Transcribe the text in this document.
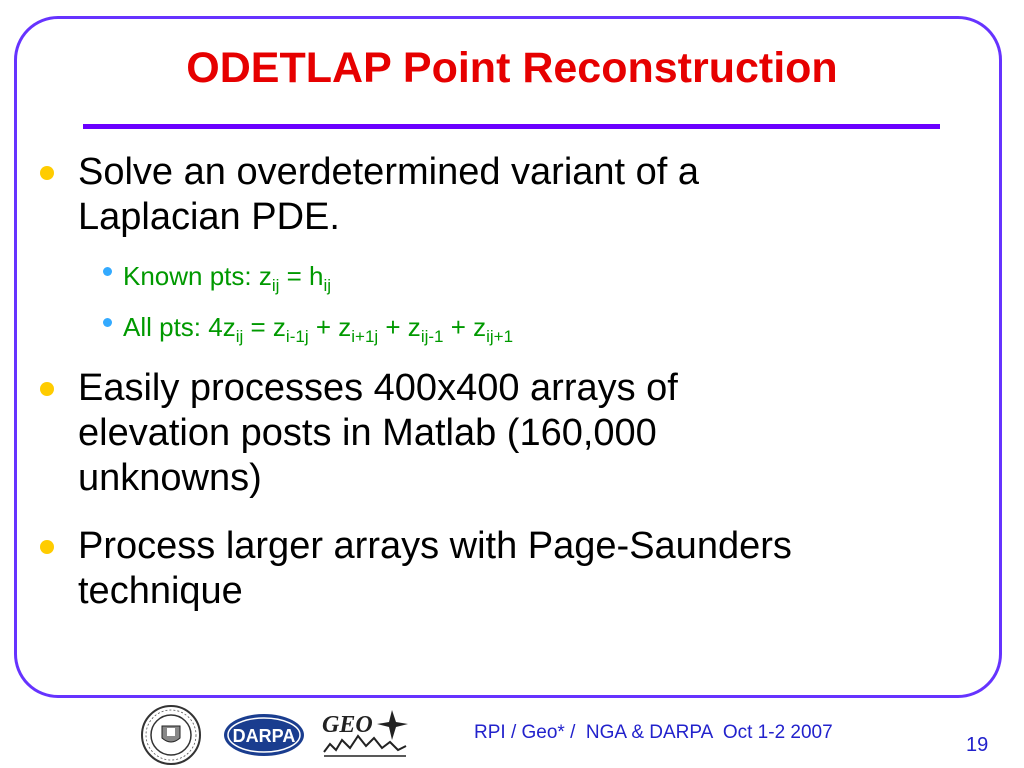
ODETLAP Point Reconstruction
Solve an overdetermined variant of a
Laplacian PDE.
Known pts: $z_{ij} = h_{ij}$
All pts: $4z_{ij} = z_{i-1j} + z_{i+1j} + z_{ij-1} + z_{ij+1}$
Easily processes 400x400 arrays of
elevation posts in Matlab (160,000
unknowns)
Process larger arrays with Page-Saunders
technique
DARPA GEO	RPI / Geo* /  NGA & DARPA  Oct 1-2 2007
19
